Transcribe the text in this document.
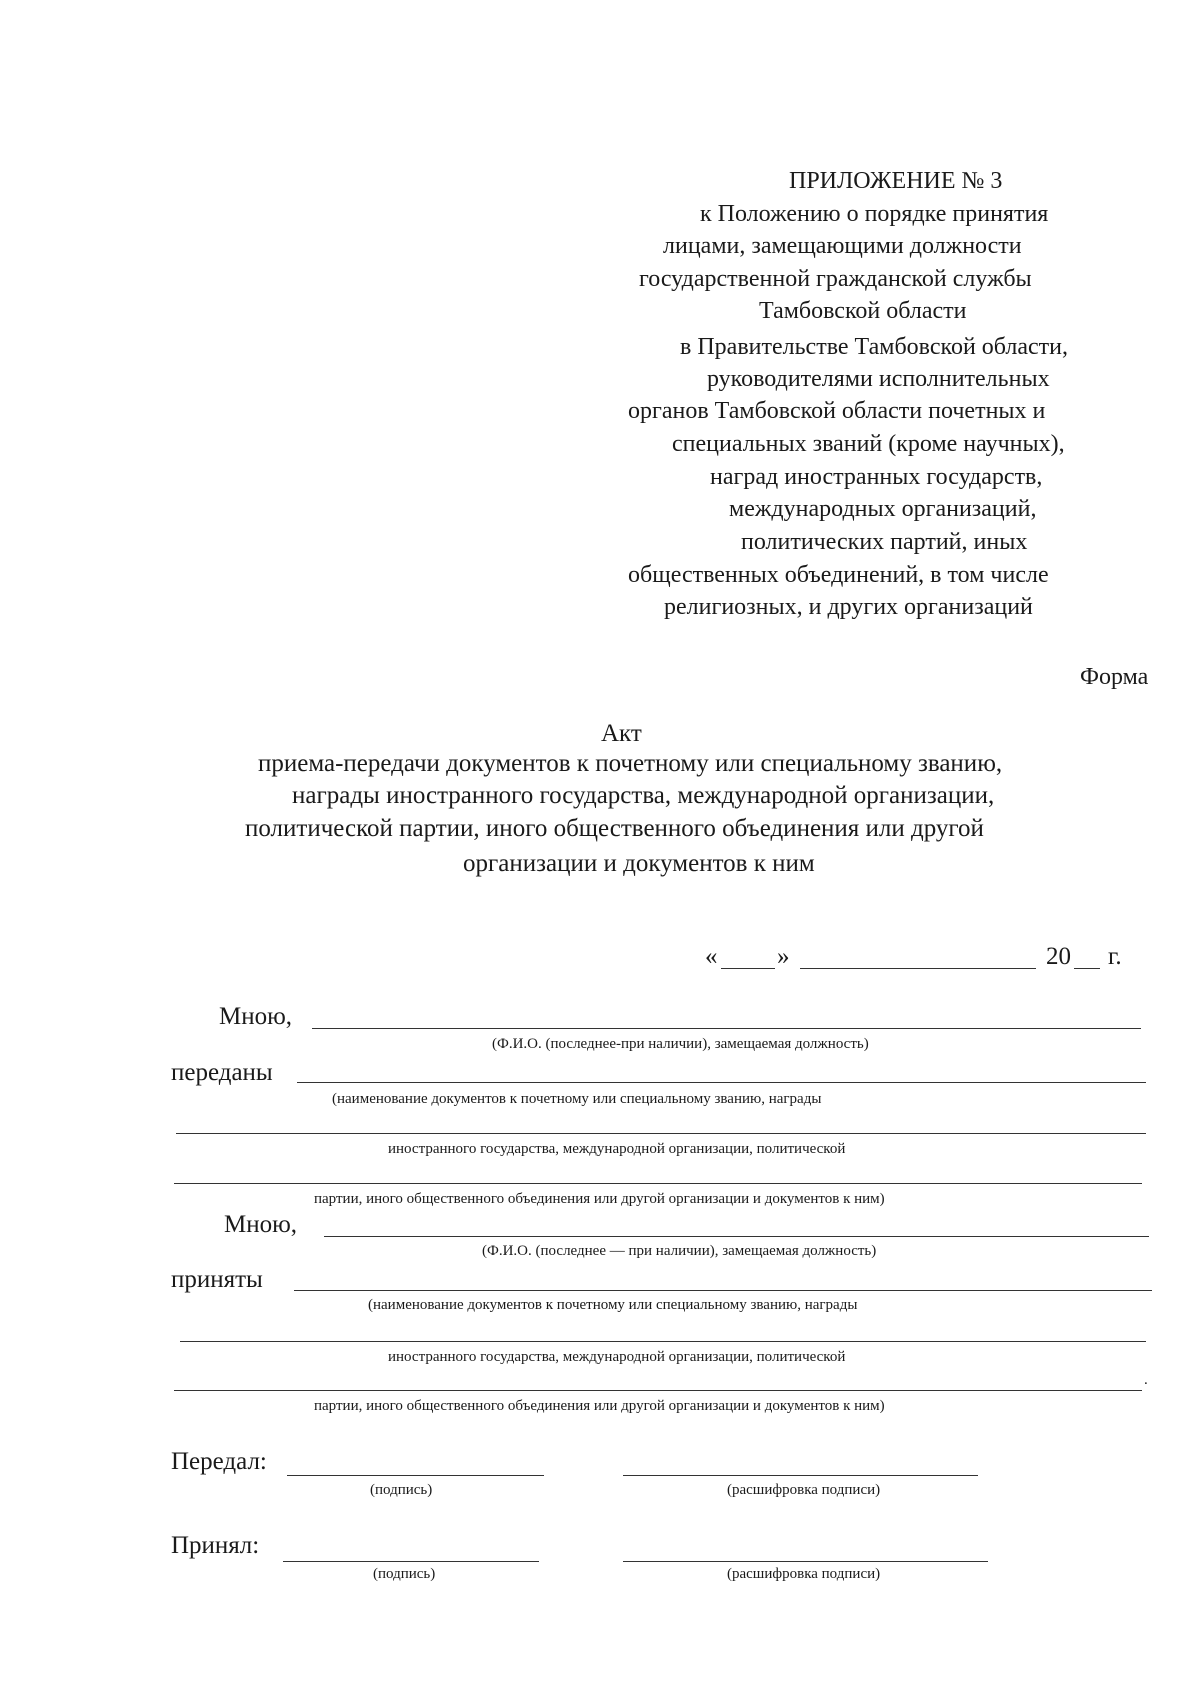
ПРИЛОЖЕНИЕ № 3
к Положению о порядке принятия
лицами, замещающими должности
государственной гражданской службы
Тамбовской области
в Правительстве Тамбовской области,
руководителями исполнительных
органов Тамбовской области почетных и
специальных званий (кроме научных),
наград иностранных государств,
международных организаций,
политических партий, иных
общественных объединений, в том числе
религиозных, и других организаций
Форма
Акт
приема-передачи документов к почетному или специальному званию,
награды иностранного государства, международной организации,
политической партии, иного общественного объединения или другой
организации и документов к ним
« »	20 г.
Мною,
(Ф.И.О. (последнее-при наличии), замещаемая должность)
переданы
(наименование документов к почетному или специальному званию, награды
иностранного государства, международной организации, политической
партии, иного общественного объединения или другой организации и документов к ним)
Мною,
(Ф.И.О. (последнее — при наличии), замещаемая должность)
приняты
(наименование документов к почетному или специальному званию, награды
иностранного государства, международной организации, политической
.
партии, иного общественного объединения или другой организации и документов к ним)
Передал:
(подпись)	(расшифровка подписи)
Принял:
(подпись)	(расшифровка подписи)
